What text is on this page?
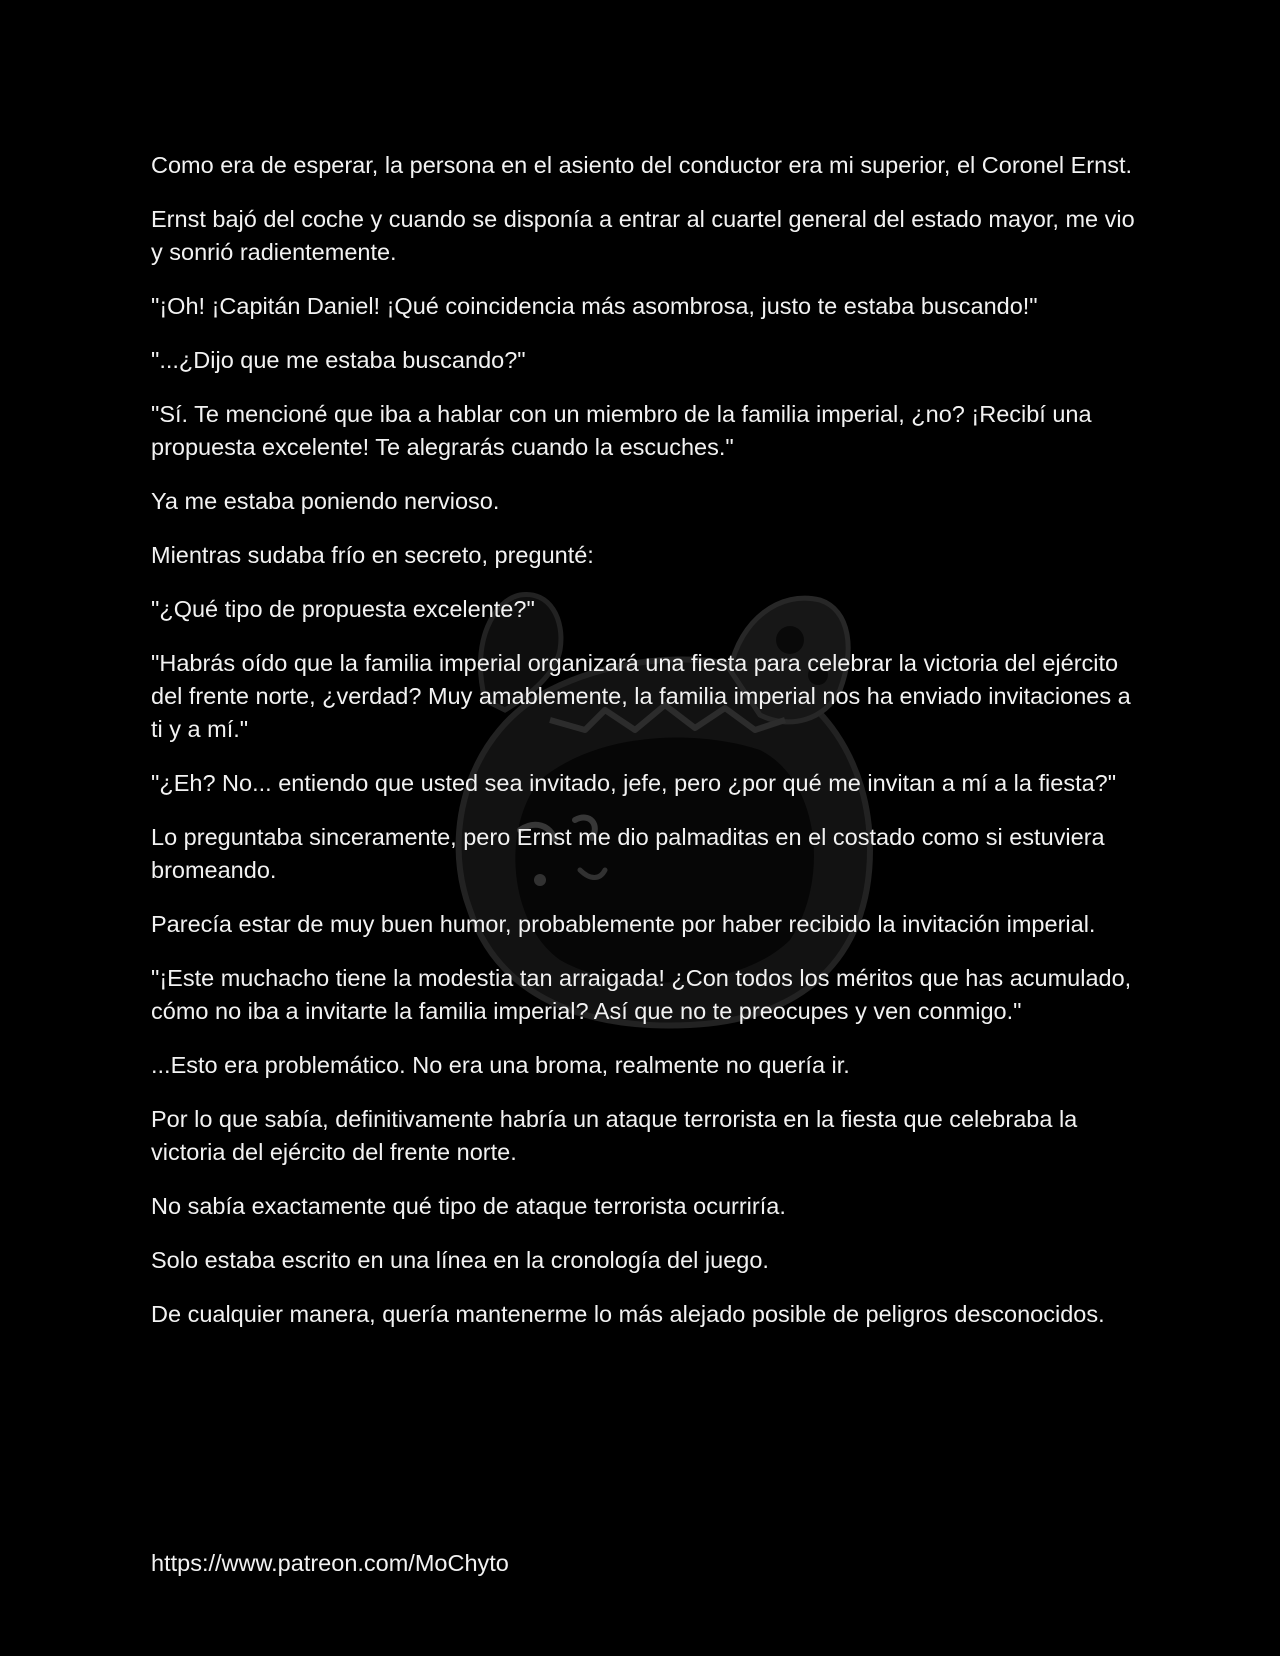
Como era de esperar, la persona en el asiento del conductor era mi superior, el Coronel Ernst.

Ernst bajó del coche y cuando se disponía a entrar al cuartel general del estado mayor, me vio y sonrió radientemente.

"¡Oh! ¡Capitán Daniel! ¡Qué coincidencia más asombrosa, justo te estaba buscando!"

"...¿Dijo que me estaba buscando?"

"Sí. Te mencioné que iba a hablar con un miembro de la familia imperial, ¿no? ¡Recibí una propuesta excelente! Te alegrarás cuando la escuches."

Ya me estaba poniendo nervioso.

Mientras sudaba frío en secreto, pregunté:

"¿Qué tipo de propuesta excelente?"

"Habrás oído que la familia imperial organizará una fiesta para celebrar la victoria del ejército del frente norte, ¿verdad? Muy amablemente, la familia imperial nos ha enviado invitaciones a ti y a mí."

"¿Eh? No... entiendo que usted sea invitado, jefe, pero ¿por qué me invitan a mí a la fiesta?"

Lo preguntaba sinceramente, pero Ernst me dio palmaditas en el costado como si estuviera bromeando.

Parecía estar de muy buen humor, probablemente por haber recibido la invitación imperial.

"¡Este muchacho tiene la modestia tan arraigada! ¿Con todos los méritos que has acumulado, cómo no iba a invitarte la familia imperial? Así que no te preocupes y ven conmigo."

...Esto era problemático. No era una broma, realmente no quería ir.

Por lo que sabía, definitivamente habría un ataque terrorista en la fiesta que celebraba la victoria del ejército del frente norte.

No sabía exactamente qué tipo de ataque terrorista ocurriría.

Solo estaba escrito en una línea en la cronología del juego.

De cualquier manera, quería mantenerme lo más alejado posible de peligros desconocidos.

https://www.patreon.com/MoChyto
